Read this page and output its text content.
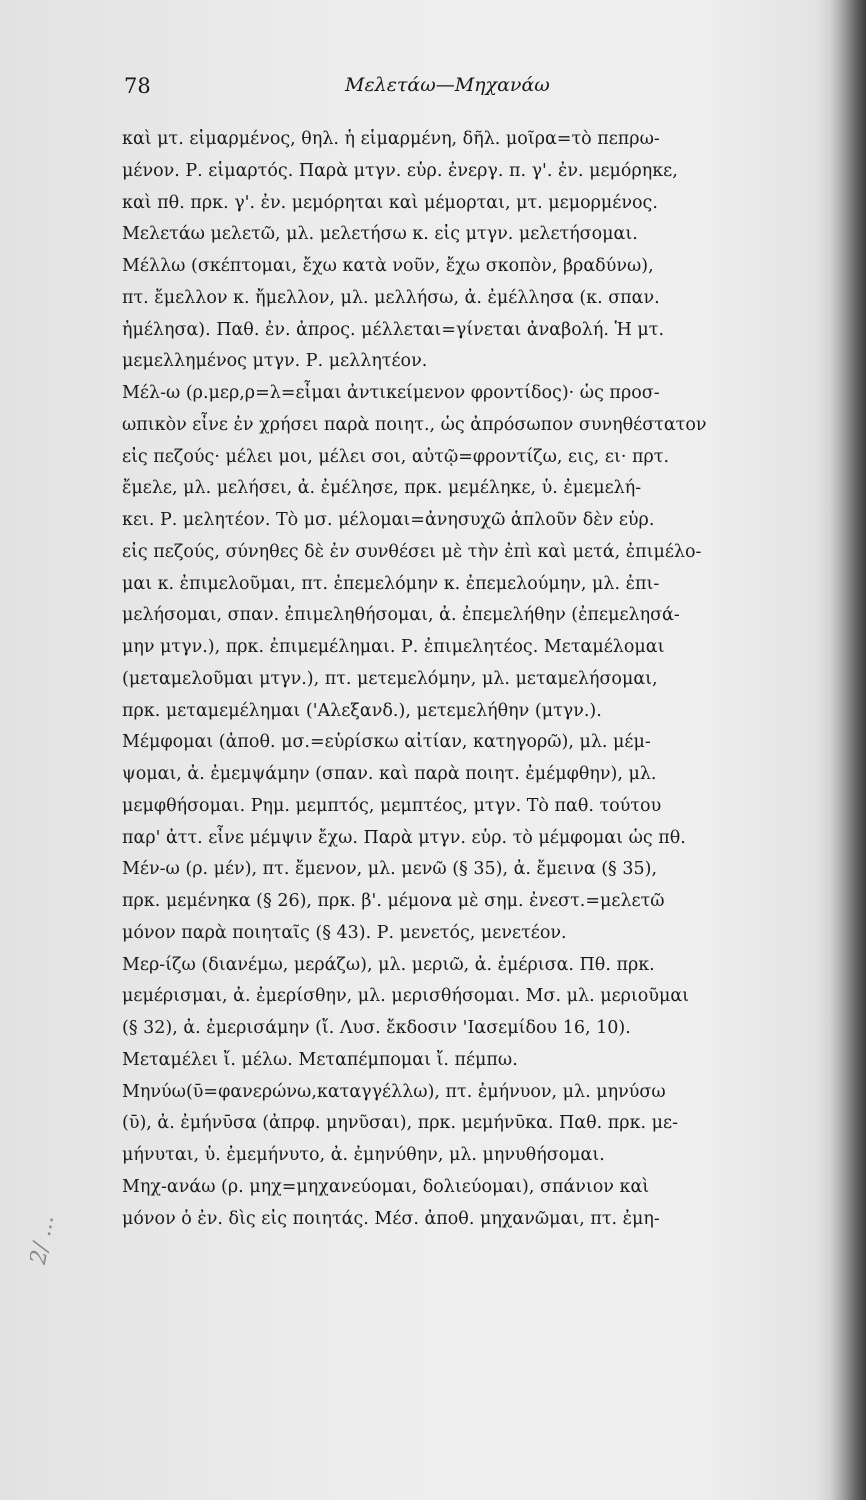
78	Μελετάω—Μηχανάω
καὶ μτ. εἱμαρμένος, θηλ. ἡ εἱμαρμένη, δῆλ. μοῖρα=τὸ πεπρω-
μένον. Ρ. εἱμαρτός. Παρὰ μτγν. εὑρ. ἐνεργ. π. γ'. ἐν. μεμόρηκε,
καὶ πθ. πρκ. γ'. ἐν. μεμόρηται καὶ μέμορται, μτ. μεμορμένος.
Μελετάω μελετῶ, μλ. μελετήσω κ. εἰς μτγν. μελετήσομαι.
Μέλλω (σκέπτομαι, ἔχω κατὰ νοῦν, ἔχω σκοπὸν, βραδύνω),
πτ. ἔμελλον κ. ἤμελλον, μλ. μελλήσω, ἀ. ἐμέλλησα (κ. σπαν.
ἠμέλησα). Παθ. ἐν. ἀπρος. μέλλεται=γίνεται ἀναβολή. Ἡ μτ.
μεμελλημένος μτγν. Ρ. μελλητέον.
Μέλ-ω (ρ.μερ,ρ=λ=εἶμαι ἀντικείμενον φροντίδος)· ὡς προσ-
ωπικὸν εἶνε ἐν χρήσει παρὰ ποιητ., ὡς ἀπρόσωπον συνηθέστατον
εἰς πεζούς· μέλει μοι, μέλει σοι, αὐτῷ=φροντίζω, εις, ει· πρτ.
ἔμελε, μλ. μελήσει, ἀ. ἐμέλησε, πρκ. μεμέληκε, ὑ. ἐμεμελή-
κει. Ρ. μελητέον. Τὸ μσ. μέλομαι=ἀνησυχῶ ἁπλοῦν δὲν εὑρ.
εἰς πεζούς, σύνηθες δὲ ἐν συνθέσει μὲ τὴν ἐπὶ καὶ μετά, ἐπιμέλο-
μαι κ. ἐπιμελοῦμαι, πτ. ἐπεμελόμην κ. ἐπεμελούμην, μλ. ἐπι-
μελήσομαι, σπαν. ἐπιμεληθήσομαι, ἀ. ἐπεμελήθην (ἐπεμελησά-
μην μτγν.), πρκ. ἐπιμεμέλημαι. Ρ. ἐπιμελητέος. Μεταμέλομαι
(μεταμελοῦμαι μτγν.), πτ. μετεμελόμην, μλ. μεταμελήσομαι,
πρκ. μεταμεμέλημαι ('Αλεξανδ.), μετεμελήθην (μτγν.).
Μέμφομαι (ἀποθ. μσ.=εὑρίσκω αἰτίαν, κατηγορῶ), μλ. μέμ-
ψομαι, ἀ. ἐμεμψάμην (σπαν. καὶ παρὰ ποιητ. ἐμέμφθην), μλ.
μεμφθήσομαι. Ρημ. μεμπτός, μεμπτέος, μτγν. Τὸ παθ. τούτου
παρ' ἀττ. εἶνε μέμψιν ἔχω. Παρὰ μτγν. εὑρ. τὸ μέμφομαι ὡς πθ.
Μέν-ω (ρ. μέν), πτ. ἔμενον, μλ. μενῶ (§ 35), ἀ. ἔμεινα (§ 35),
πρκ. μεμένηκα (§ 26), πρκ. β'. μέμονα μὲ σημ. ἐνεστ.=μελετῶ
μόνον παρὰ ποιηταῖς (§ 43). Ρ. μενετός, μενετέον.
Μερ-ίζω (διανέμω, μεράζω), μλ. μεριῶ, ἀ. ἐμέρισα. Πθ. πρκ.
μεμέρισμαι, ἀ. ἐμερίσθην, μλ. μερισθήσομαι. Μσ. μλ. μεριοῦμαι
(§ 32), ἀ. ἐμερισάμην (ἴ. Λυσ. ἔκδοσιν 'Ιασεμίδου 16, 10).
Μεταμέλει ἴ. μέλω. Μεταπέμπομαι ἴ. πέμπω.
Μηνύω(ῡ=φανερώνω,καταγγέλλω), πτ. ἐμήνυον, μλ. μηνύσω
(ῡ), ἀ. ἐμήνῡσα (ἀπρφ. μηνῦσαι), πρκ. μεμήνῡκα. Παθ. πρκ. με-
μήνυται, ὑ. ἐμεμήνυτο, ἀ. ἐμηνύθην, μλ. μηνυθήσομαι.
Μηχ-ανάω (ρ. μηχ=μηχανεύομαι, δολιεύομαι), σπάνιον καὶ
μόνον ὁ ἐν. δὶς εἰς ποιητάς. Μέσ. ἀποθ. μηχανῶμαι, πτ. ἐμη-
2/ ...
